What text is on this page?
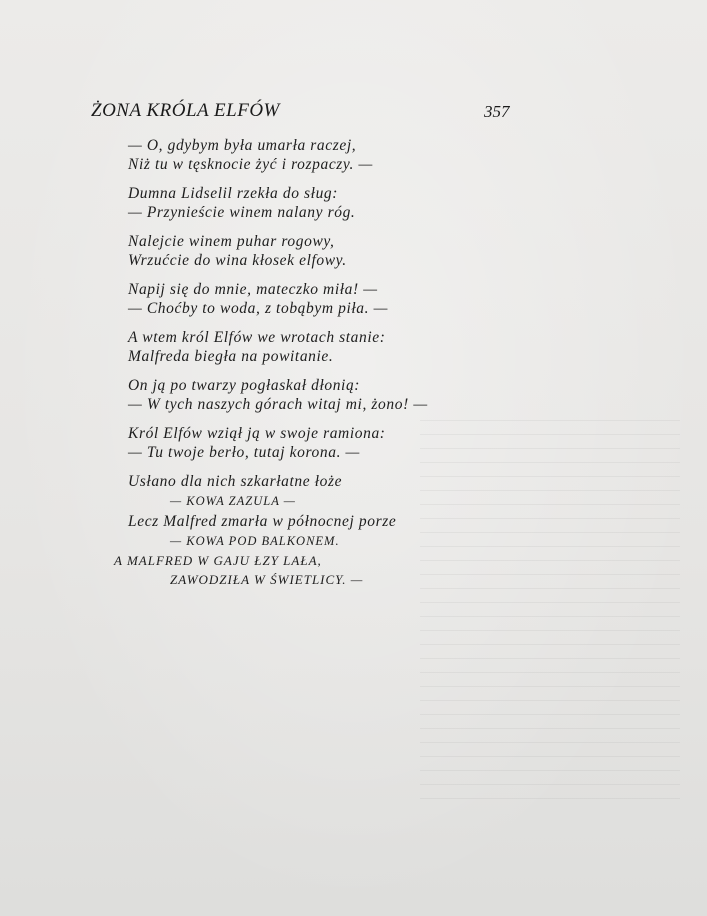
ŻONA KRÓLA ELFÓW	357
— O, gdybym była umarła raczej,
Niż tu w tęsknocie żyć i rozpaczy. —
Dumna Lidselil rzekła do sług:
— Przynieście winem nalany róg.
Nalejcie winem puhar rogowy,
Wrzućcie do wina kłosek elfowy.
Napij się do mnie, mateczko miła! —
— Choćby to woda, z tobąbym piła. —
A wtem król Elfów we wrotach stanie:
Malfreda biegła na powitanie.
On ją po twarzy pogłaskał dłonią:
— W tych naszych górach witaj mi, żono! —
Król Elfów wziął ją w swoje ramiona:
— Tu twoje berło, tutaj korona. —
Usłano dla nich szkarłatne łoże
— KOWA ZAZULA —
Lecz Malfred zmarła w północnej porze
— KOWA POD BALKONEM.
A MALFRED W GAJU ŁZY LAŁA,
ZAWODZIŁA W ŚWIETLICY. —
